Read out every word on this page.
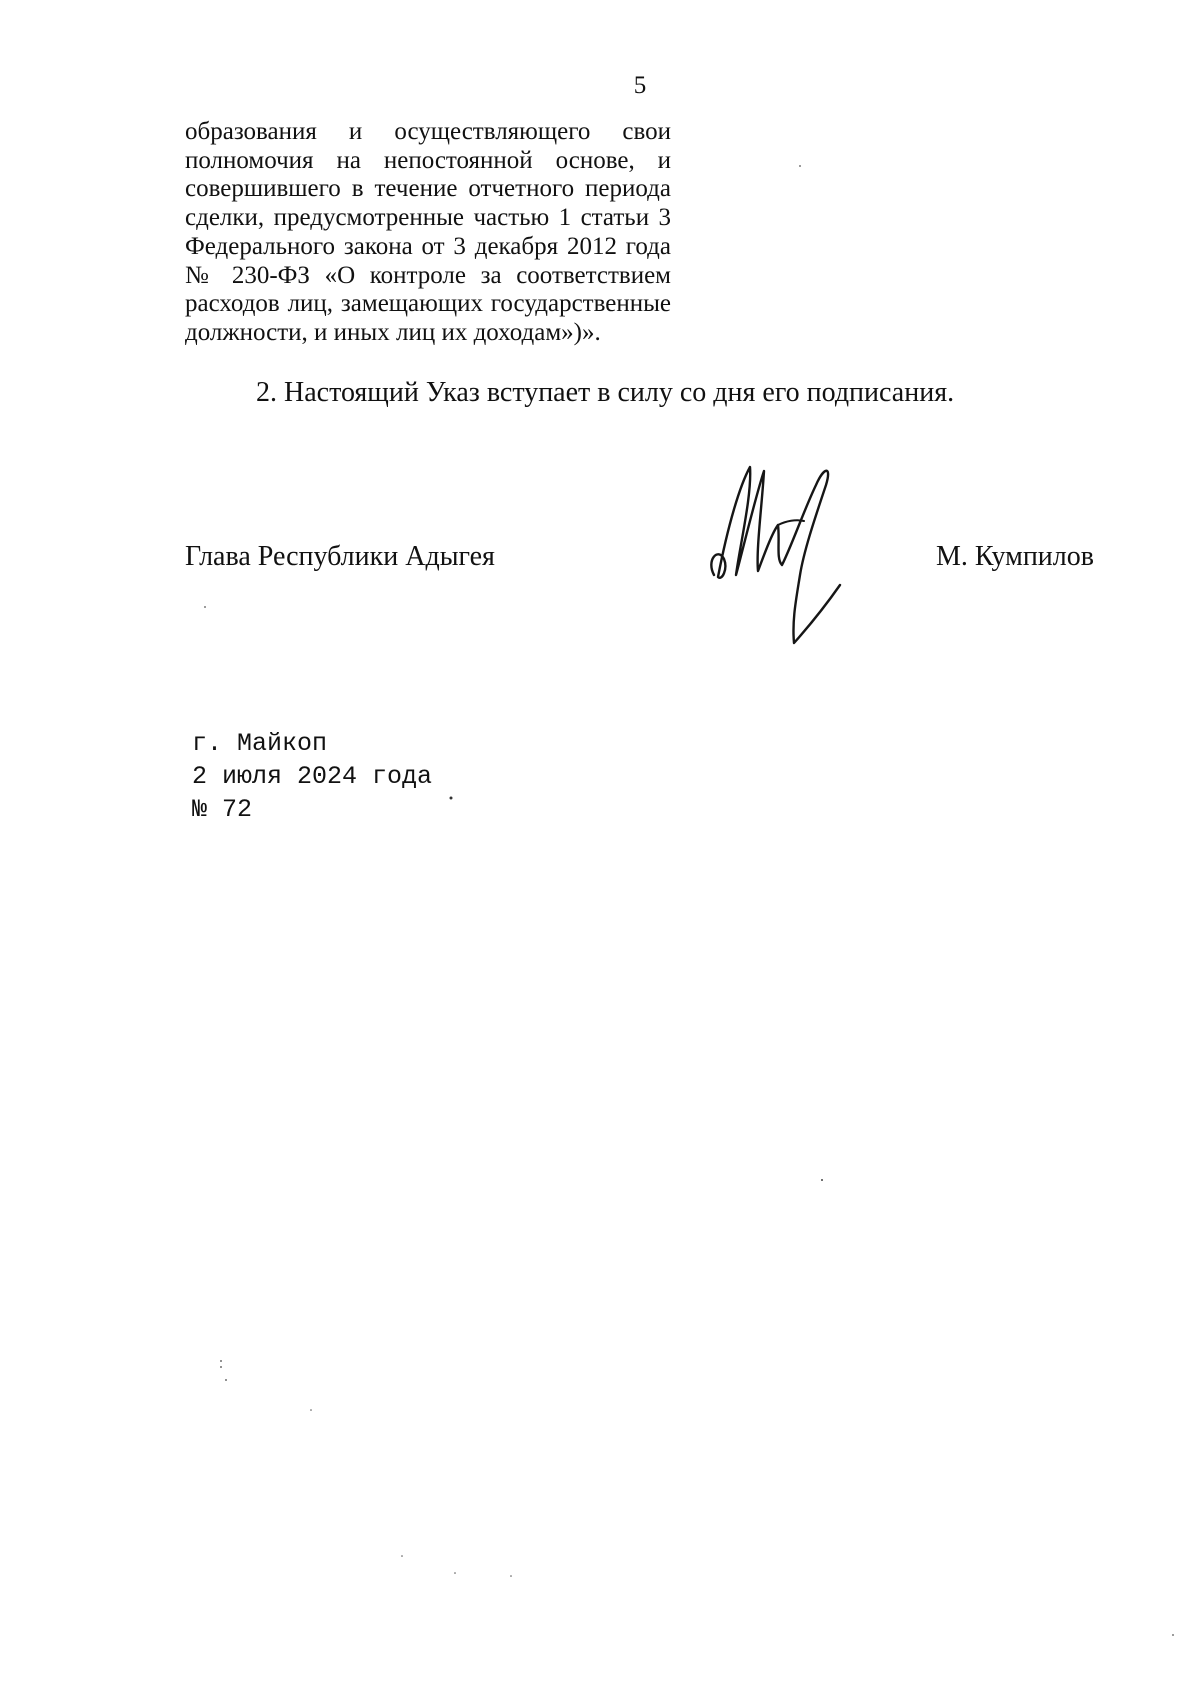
5
образования и осуществляющего свои
полномочия на непостоянной основе, и
совершившего в течение отчетного периода
сделки, предусмотренные частью 1 статьи 3
Федерального закона от 3 декабря 2012 года
№ 230-ФЗ «О контроле за соответствием
расходов лиц, замещающих государственные
должности, и иных лиц их доходам»)».
2. Настоящий Указ вступает в силу со дня его подписания.
Глава Республики Адыгея	М. Кумпилов
г. Майкоп
2 июля 2024 года
№ 72
